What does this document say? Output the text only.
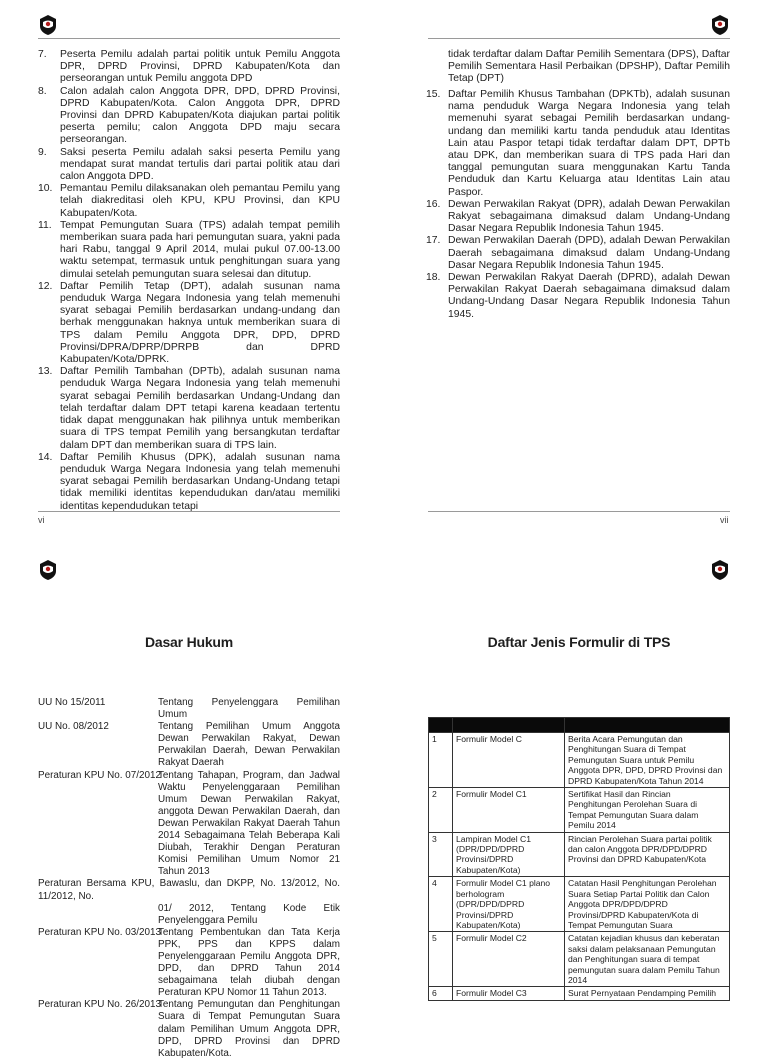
7. Peserta Pemilu adalah partai politik untuk Pemilu Anggota DPR, DPRD Provinsi, DPRD Kabupaten/Kota dan perseorangan untuk Pemilu anggota DPD
8. Calon adalah calon Anggota DPR, DPD, DPRD Provinsi, DPRD Kabupaten/Kota. Calon Anggota DPR, DPRD Provinsi dan DPRD Kabupaten/Kota diajukan partai politik peserta pemilu; calon Anggota DPD maju secara perseorangan.
9. Saksi peserta Pemilu adalah saksi peserta Pemilu yang mendapat surat mandat tertulis dari partai politik atau dari calon Anggota DPD.
10. Pemantau Pemilu dilaksanakan oleh pemantau Pemilu yang telah diakreditasi oleh KPU, KPU Provinsi, dan KPU Kabupaten/Kota.
11. Tempat Pemungutan Suara (TPS) adalah tempat pemilih memberikan suara pada hari pemungutan suara, yakni pada hari Rabu, tanggal 9 April 2014, mulai pukul 07.00-13.00 waktu setempat, termasuk untuk penghitungan suara yang dimulai setelah pemungutan suara selesai dan ditutup.
12. Daftar Pemilih Tetap (DPT), adalah susunan nama penduduk Warga Negara Indonesia yang telah memenuhi syarat sebagai Pemilih berdasarkan undang-undang dan berhak menggunakan haknya untuk memberikan suara di TPS dalam Pemilu Anggota DPR, DPD, DPRD Provinsi/DPRA/DPRP/DPRPB dan DPRD Kabupaten/Kota/DPRK.
13. Daftar Pemilih Tambahan (DPTb), adalah susunan nama penduduk Warga Negara Indonesia yang telah memenuhi syarat sebagai Pemilih berdasarkan Undang-Undang dan telah terdaftar dalam DPT tetapi karena keadaan tertentu tidak dapat menggunakan hak pilihnya untuk memberikan suara di TPS tempat Pemilih yang bersangkutan terdaftar dalam DPT dan memberikan suara di TPS lain.
14. Daftar Pemilih Khusus (DPK), adalah susunan nama penduduk Warga Negara Indonesia yang telah memenuhi syarat sebagai Pemilih berdasarkan Undang-Undang tetapi tidak memiliki identitas kependudukan dan/atau memiliki identitas kependudukan tetapi
vi
tidak terdaftar dalam Daftar Pemilih Sementara (DPS), Daftar Pemilih Sementara Hasil Perbaikan (DPSHP), Daftar Pemilih Tetap (DPT)
15. Daftar Pemilih Khusus Tambahan (DPKTb), adalah susunan nama penduduk Warga Negara Indonesia yang telah memenuhi syarat sebagai Pemilih berdasarkan undang-undang dan memiliki kartu tanda penduduk atau Identitas Lain atau Paspor tetapi tidak terdaftar dalam DPT, DPTb atau DPK, dan memberikan suara di TPS pada Hari dan tanggal pemungutan suara menggunakan Kartu Tanda Penduduk dan Kartu Keluarga atau Identitas Lain atau Paspor.
16. Dewan Perwakilan Rakyat (DPR), adalah Dewan Perwakilan Rakyat sebagaimana dimaksud dalam Undang-Undang Dasar Negara Republik Indonesia Tahun 1945.
17. Dewan Perwakilan Daerah (DPD), adalah Dewan Perwakilan Daerah sebagaimana dimaksud dalam Undang-Undang Dasar Negara Republik Indonesia Tahun 1945.
18. Dewan Perwakilan Rakyat Daerah (DPRD), adalah Dewan Perwakilan Rakyat Daerah sebagaimana dimaksud dalam Undang-Undang Dasar Negara Republik Indonesia Tahun 1945.
vii
Dasar Hukum
UU No 15/2011	Tentang Penyelenggara Pemilihan Umum
UU No. 08/2012	Tentang Pemilihan Umum Anggota Dewan Perwakilan Rakyat, Dewan Perwakilan Daerah, Dewan Perwakilan Rakyat Daerah
Peraturan KPU No. 07/2012
Tentang Tahapan, Program, dan Jadwal Waktu Penyelenggaraan Pemilihan Umum Dewan Perwakilan Rakyat, anggota Dewan Perwakilan Daerah, dan Dewan Perwakilan Rakyat Daerah Tahun 2014 Sebagaimana Telah Beberapa Kali Diubah, Terakhir Dengan Peraturan Komisi Pemilihan Umum Nomor 21 Tahun 2013
Peraturan Bersama KPU, Bawaslu, dan DKPP, No. 13/2012, No. 11/2012, No.
01/ 2012, Tentang Kode Etik Penyelenggara Pemilu
Peraturan KPU No. 03/2013
Tentang Pembentukan dan Tata Kerja PPK, PPS dan KPPS dalam Penyelenggaraan Pemilu Anggota DPR, DPD, dan DPRD Tahun 2014 sebagaimana telah diubah dengan Peraturan KPU Nomor 11 Tahun 2013.
Peraturan KPU No. 26/2013
Tentang Pemungutan dan Penghitungan Suara di Tempat Pemungutan Suara dalam Pemilihan Umum Anggota DPR, DPD, DPRD Provinsi dan DPRD Kabupaten/Kota.
Daftar Jenis Formulir di TPS

1	Formulir Model C	Berita Acara Pemungutan dan Penghitungan Suara di Tempat Pemungutan Suara untuk Pemilu Anggota DPR, DPD, DPRD Provinsi dan DPRD Kabupaten/Kota Tahun 2014
2	Formulir Model C1	Sertifikat Hasil dan Rincian Penghitungan Perolehan Suara di Tempat Pemungutan Suara dalam Pemilu 2014
3	Lampiran Model C1 (DPR/DPD/DPRD Provinsi/DPRD Kabupaten/Kota)	Rincian Perolehan Suara partai politik dan calon Anggota DPR/DPD/DPRD Provinsi dan DPRD Kabupaten/Kota
4	Formulir Model C1 plano berhologram (DPR/DPD/DPRD Provinsi/DPRD Kabupaten/Kota)	Catatan Hasil Penghitungan Perolehan Suara Setiap Partai Politik dan Calon Anggota DPR/DPD/DPRD Provinsi/DPRD Kabupaten/Kota di Tempat Pemungutan Suara
5	Formulir Model C2	Catatan kejadian khusus dan keberatan saksi dalam pelaksanaan Pemungutan dan Penghitungan suara di tempat pemungutan suara dalam Pemilu Tahun 2014
6	Formulir Model C3	Surat Pernyataan Pendamping Pemilih
